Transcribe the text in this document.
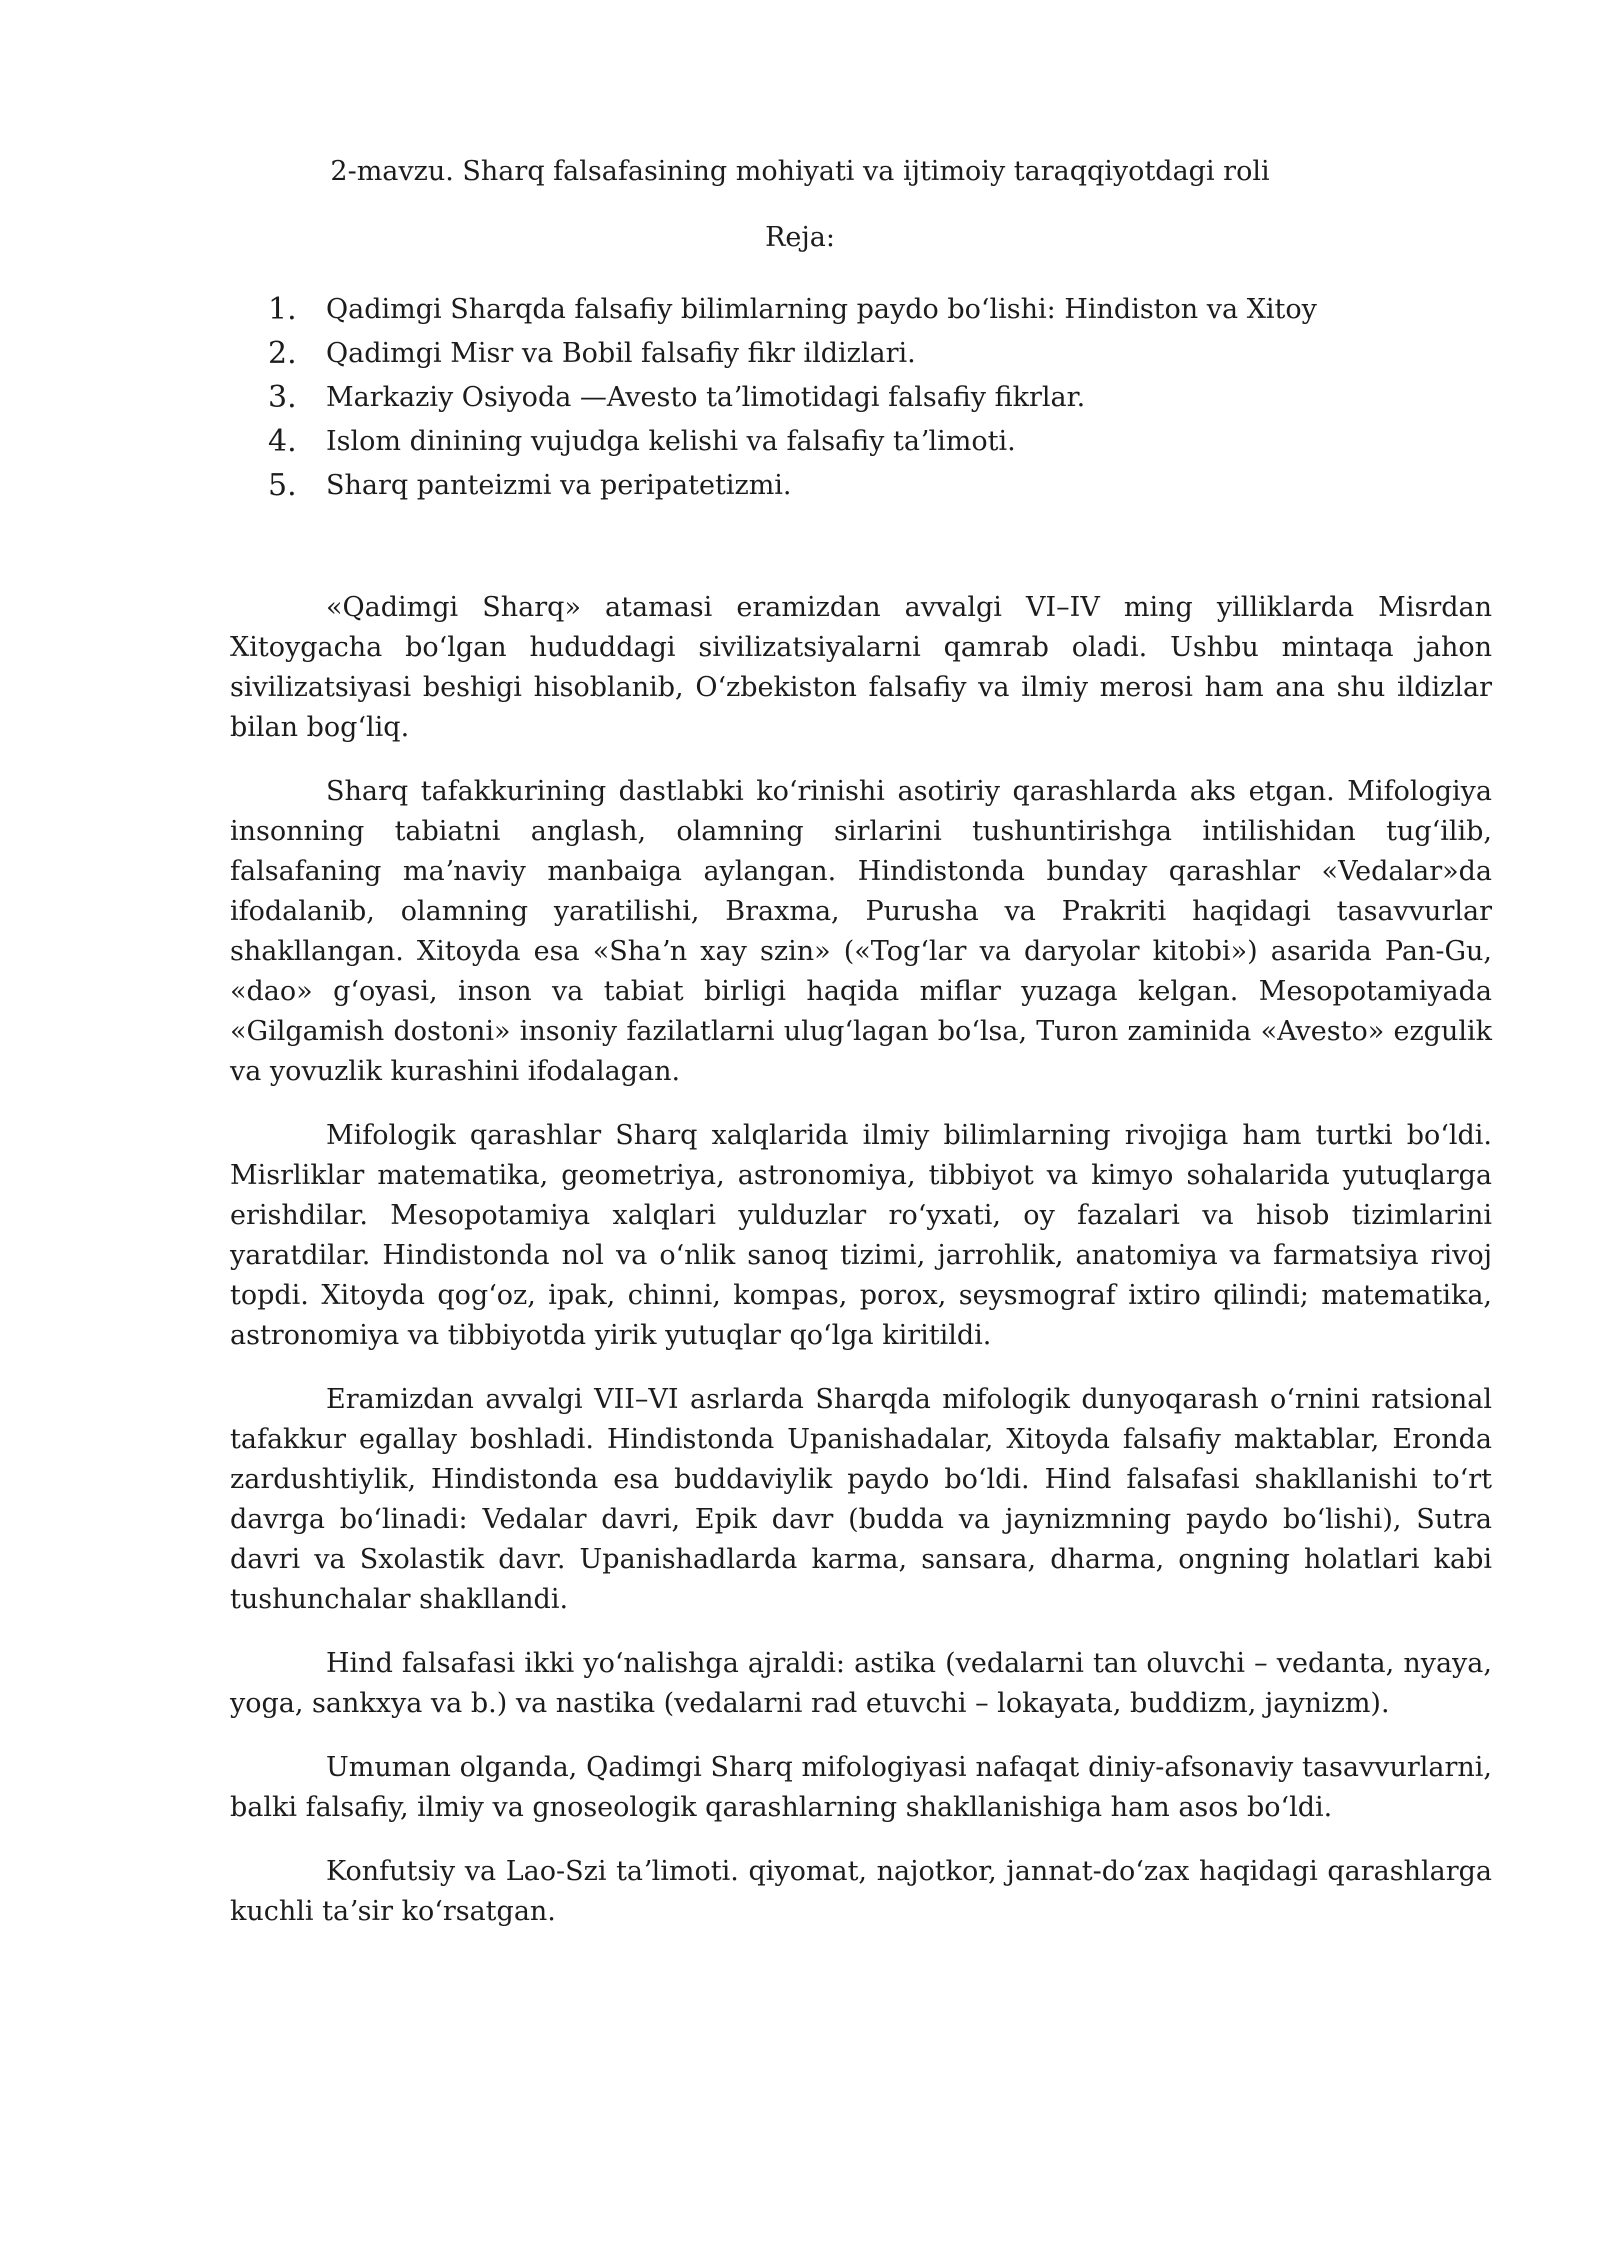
2-mavzu. Sharq falsafasining mohiyati va ijtimoiy taraqqiyotdagi roli
Reja:
1. Qadimgi Sharqda falsafiy bilimlarning paydo boʻlishi: Hindiston va Xitoy
2. Qadimgi Misr va Bobil falsafiy fikr ildizlari.
3. Markaziy Osiyoda —Avesto taʼlimotidagi falsafiy fikrlar.
4. Islom dinining vujudga kelishi va falsafiy taʼlimoti.
5. Sharq panteizmi va peripatetizmi.

«Qadimgi Sharq» atamasi eramizdan avvalgi VI–IV ming yilliklarda Misrdan Xitoygacha boʻlgan hududdagi sivilizatsiyalarni qamrab oladi. Ushbu mintaqa jahon sivilizatsiyasi beshigi hisoblanib, Oʻzbekiston falsafiy va ilmiy merosi ham ana shu ildizlar bilan bogʻliq.

Sharq tafakkurining dastlabki koʻrinishi asotiriy qarashlarda aks etgan. Mifologiya insonning tabiatni anglash, olamning sirlarini tushuntirishga intilishidan tugʻilib, falsafaning maʼnaviy manbaiga aylangan. Hindistonda bunday qarashlar «Vedalar»da ifodalanib, olamning yaratilishi, Braxma, Purusha va Prakriti haqidagi tasavvurlar shakllangan. Xitoyda esa «Shaʼn xay szin» («Togʻlar va daryolar kitobi») asarida Pan-Gu, «dao» gʻoyasi, inson va tabiat birligi haqida miflar yuzaga kelgan. Mesopotamiyada «Gilgamish dostoni» insoniy fazilatlarni ulugʻlagan boʻlsa, Turon zaminida «Avesto» ezgulik va yovuzlik kurashini ifodalagan.

Mifologik qarashlar Sharq xalqlarida ilmiy bilimlarning rivojiga ham turtki boʻldi. Misrliklar matematika, geometriya, astronomiya, tibbiyot va kimyo sohalarida yutuqlarga erishdilar. Mesopotamiya xalqlari yulduzlar roʻyxati, oy fazalari va hisob tizimlarini yaratdilar. Hindistonda nol va oʻnlik sanoq tizimi, jarrohlik, anatomiya va farmatsiya rivoj topdi. Xitoyda qogʻoz, ipak, chinni, kompas, porox, seysmograf ixtiro qilindi; matematika, astronomiya va tibbiyotda yirik yutuqlar qoʻlga kiritildi.

Eramizdan avvalgi VII–VI asrlarda Sharqda mifologik dunyoqarash oʻrnini ratsional tafakkur egallay boshladi. Hindistonda Upanishadalar, Xitoyda falsafiy maktablar, Eronda zardushtiylik, Hindistonda esa buddaviylik paydo boʻldi. Hind falsafasi shakllanishi toʻrt davrga boʻlinadi: Vedalar davri, Epik davr (budda va jaynizmning paydo boʻlishi), Sutra davri va Sxolastik davr. Upanishadlarda karma, sansara, dharma, ongning holatlari kabi tushunchalar shakllandi.

Hind falsafasi ikki yoʻnalishga ajraldi: astika (vedalarni tan oluvchi – vedanta, nyaya, yoga, sankxya va b.) va nastika (vedalarni rad etuvchi – lokayata, buddizm, jaynizm).

Umuman olganda, Qadimgi Sharq mifologiyasi nafaqat diniy-afsonaviy tasavvurlarni, balki falsafiy, ilmiy va gnoseologik qarashlarning shakllanishiga ham asos boʻldi.

Konfutsiy va Lao-Szi taʼlimoti. qiyomat, najotkor, jannat-doʻzax haqidagi qarashlarga kuchli taʼsir koʻrsatgan.
